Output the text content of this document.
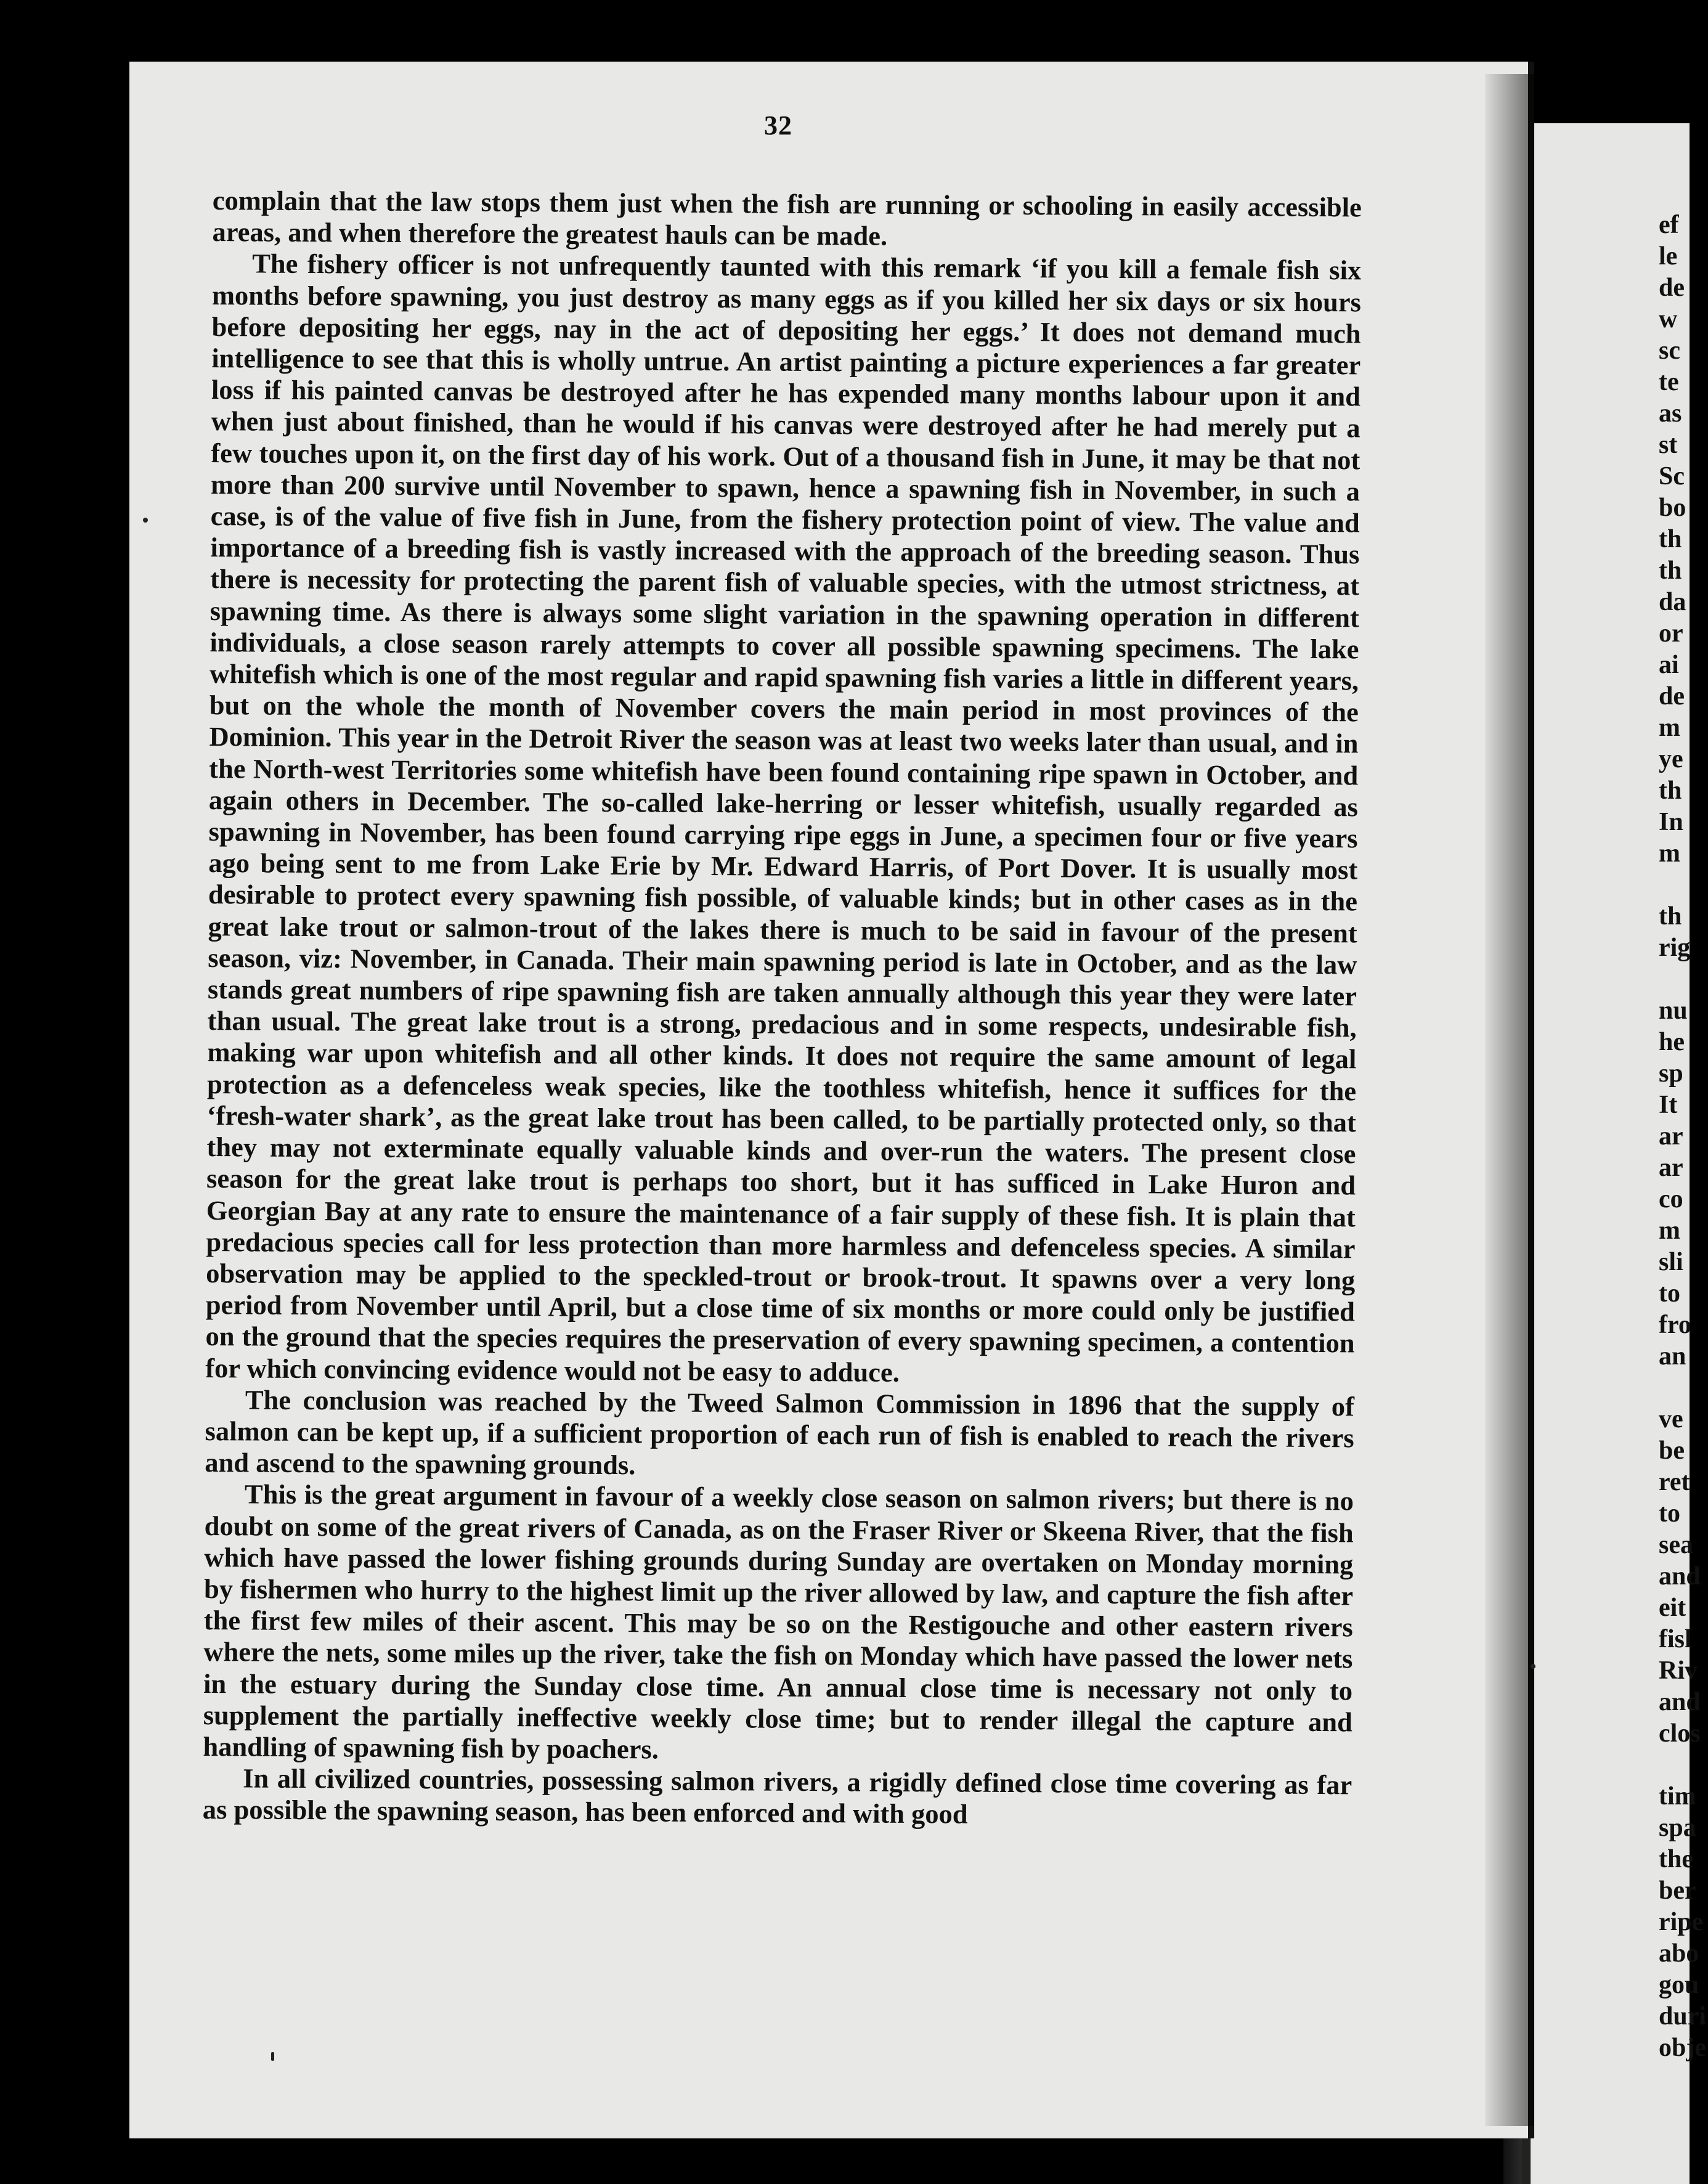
ef
le
de
w
sc
te
as
st
Sc
bo
th
th
da
or
ai
de
m
ye
th
In
m
th
rig
nu
he
sp
It
ar
ar
co
m
sli
to
fro
an
ve
be
ret
to
sea
and
eit
fisl
Riv
and
clos
tim
spa
the
ber
ripe
abo
gou
duri
obje
32

complain that the law stops them just when the fish are running or schooling in easily accessible areas, and when therefore the greatest hauls can be made.

The fishery officer is not unfrequently taunted with this remark ‘if you kill a female fish six months before spawning, you just destroy as many eggs as if you killed her six days or six hours before depositing her eggs, nay in the act of depositing her eggs.’ It does not demand much intelligence to see that this is wholly untrue. An artist painting a picture experiences a far greater loss if his painted canvas be destroyed after he has expended many months labour upon it and when just about finished, than he would if his canvas were destroyed after he had merely put a few touches upon it, on the first day of his work. Out of a thousand fish in June, it may be that not more than 200 survive until November to spawn, hence a spawning fish in November, in such a case, is of the value of five fish in June, from the fishery protection point of view. The value and importance of a breeding fish is vastly increased with the approach of the breeding season. Thus there is necessity for protecting the parent fish of valuable species, with the utmost strictness, at spawning time. As there is always some slight variation in the spawning operation in different individuals, a close season rarely attempts to cover all possible spawning specimens. The lake whitefish which is one of the most regular and rapid spawning fish varies a little in different years, but on the whole the month of November covers the main period in most provinces of the Dominion. This year in the Detroit River the season was at least two weeks later than usual, and in the North-west Territories some whitefish have been found containing ripe spawn in October, and again others in December. The so-called lake-herring or lesser whitefish, usually regarded as spawning in November, has been found carrying ripe eggs in June, a specimen four or five years ago being sent to me from Lake Erie by Mr. Edward Harris, of Port Dover. It is usually most desirable to protect every spawning fish possible, of valuable kinds; but in other cases as in the great lake trout or salmon-trout of the lakes there is much to be said in favour of the present season, viz: November, in Canada. Their main spawning period is late in October, and as the law stands great numbers of ripe spawning fish are taken annually although this year they were later than usual. The great lake trout is a strong, predacious and in some respects, undesirable fish, making war upon whitefish and all other kinds. It does not require the same amount of legal protection as a defenceless weak species, like the toothless whitefish, hence it suffices for the ‘fresh-water shark’, as the great lake trout has been called, to be partially protected only, so that they may not exterminate equally valuable kinds and over-run the waters. The present close season for the great lake trout is perhaps too short, but it has sufficed in Lake Huron and Georgian Bay at any rate to ensure the maintenance of a fair supply of these fish. It is plain that predacious species call for less protection than more harmless and defenceless species. A similar observation may be applied to the speckled-trout or brook-trout. It spawns over a very long period from November until April, but a close time of six months or more could only be justified on the ground that the species requires the preservation of every spawning specimen, a contention for which convincing evidence would not be easy to adduce.

The conclusion was reached by the Tweed Salmon Commission in 1896 that the supply of salmon can be kept up, if a sufficient proportion of each run of fish is enabled to reach the rivers and ascend to the spawning grounds.

This is the great argument in favour of a weekly close season on salmon rivers; but there is no doubt on some of the great rivers of Canada, as on the Fraser River or Skeena River, that the fish which have passed the lower fishing grounds during Sunday are overtaken on Monday morning by fishermen who hurry to the highest limit up the river allowed by law, and capture the fish after the first few miles of their ascent. This may be so on the Restigouche and other eastern rivers where the nets, some miles up the river, take the fish on Monday which have passed the lower nets in the estuary during the Sunday close time. An annual close time is necessary not only to supplement the partially ineffective weekly close time; but to render illegal the capture and handling of spawning fish by poachers.

In all civilized countries, possessing salmon rivers, a rigidly defined close time covering as far as possible the spawning season, has been enforced and with good
